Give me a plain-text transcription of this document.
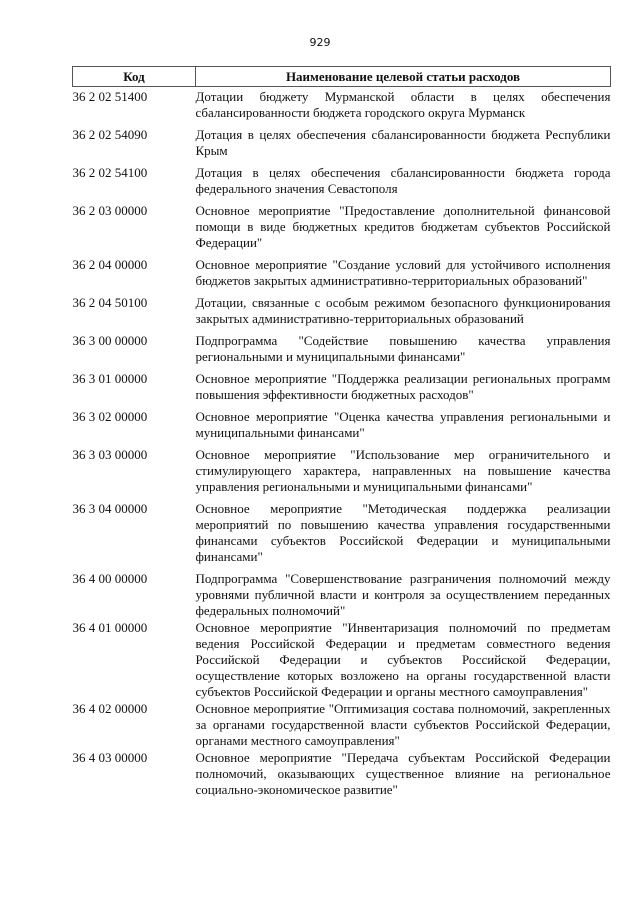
929
Код	Наименование целевой статьи расходов
36 2 02 51400	Дотации бюджету Мурманской области в целях обеспечения сбалансированности бюджета городского округа Мурманск
36 2 02 54090	Дотация в целях обеспечения сбалансированности бюджета Республики Крым
36 2 02 54100	Дотация в целях обеспечения сбалансированности бюджета города федерального значения Севастополя
36 2 03 00000	Основное мероприятие "Предоставление дополнительной финансовой помощи в виде бюджетных кредитов бюджетам субъектов Российской Федерации"
36 2 04 00000	Основное мероприятие "Создание условий для устойчивого исполнения бюджетов закрытых административно-территориальных образований"
36 2 04 50100	Дотации, связанные с особым режимом безопасного функционирования закрытых административно-территориальных образований
36 3 00 00000	Подпрограмма "Содействие повышению качества управления региональными и муниципальными финансами"
36 3 01 00000	Основное мероприятие "Поддержка реализации региональных программ повышения эффективности бюджетных расходов"
36 3 02 00000	Основное мероприятие "Оценка качества управления региональными и муниципальными финансами"
36 3 03 00000	Основное мероприятие "Использование мер ограничительного и стимулирующего характера, направленных на повышение качества управления региональными и муниципальными финансами"
36 3 04 00000	Основное мероприятие "Методическая поддержка реализации мероприятий по повышению качества управления государственными финансами субъектов Российской Федерации и муниципальными финансами"
36 4 00 00000	Подпрограмма "Совершенствование разграничения полномочий между уровнями публичной власти и контроля за осуществлением переданных федеральных полномочий"
36 4 01 00000	Основное мероприятие "Инвентаризация полномочий по предметам ведения Российской Федерации и предметам совместного ведения Российской Федерации и субъектов Российской Федерации, осуществление которых возложено на органы государственной власти субъектов Российской Федерации и органы местного самоуправления"
36 4 02 00000	Основное мероприятие "Оптимизация состава полномочий, закрепленных за органами государственной власти субъектов Российской Федерации, органами местного самоуправления"
36 4 03 00000	Основное мероприятие "Передача субъектам Российской Федерации полномочий, оказывающих существенное влияние на региональное социально-экономическое развитие"
